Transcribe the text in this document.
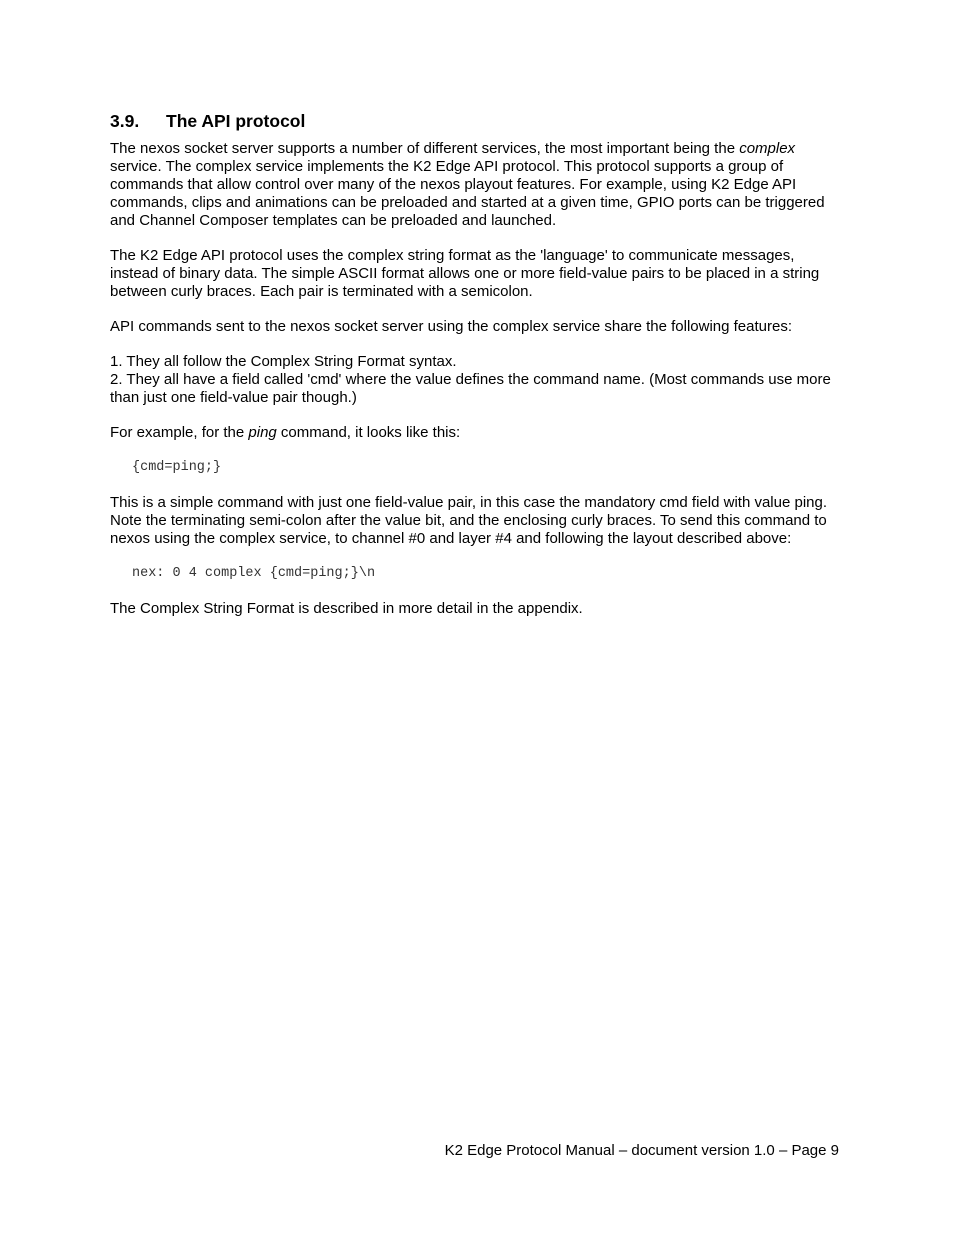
3.9.	The API protocol

The nexos socket server supports a number of different services, the most important being the complex service. The complex service implements the K2 Edge API protocol. This protocol supports a group of commands that allow control over many of the nexos playout features. For example, using K2 Edge API commands, clips and animations can be preloaded and started at a given time, GPIO ports can be triggered and Channel Composer templates can be preloaded and launched.

The K2 Edge API protocol uses the complex string format as the 'language' to communicate messages, instead of binary data. The simple ASCII format allows one or more field-value pairs to be placed in a string between curly braces. Each pair is terminated with a semicolon.

API commands sent to the nexos socket server using the complex service share the following features:

1. They all follow the Complex String Format syntax.
2. They all have a field called 'cmd' where the value defines the command name. (Most commands use more than just one field-value pair though.)

For example, for the ping command, it looks like this:

{cmd=ping;}

This is a simple command with just one field-value pair, in this case the mandatory cmd field with value ping. Note the terminating semi-colon after the value bit, and the enclosing curly braces. To send this command to nexos using the complex service, to channel #0 and layer #4 and following the layout described above:

nex: 0 4 complex {cmd=ping;}\n

The Complex String Format is described in more detail in the appendix.

K2 Edge Protocol Manual – document version 1.0 – Page 9
